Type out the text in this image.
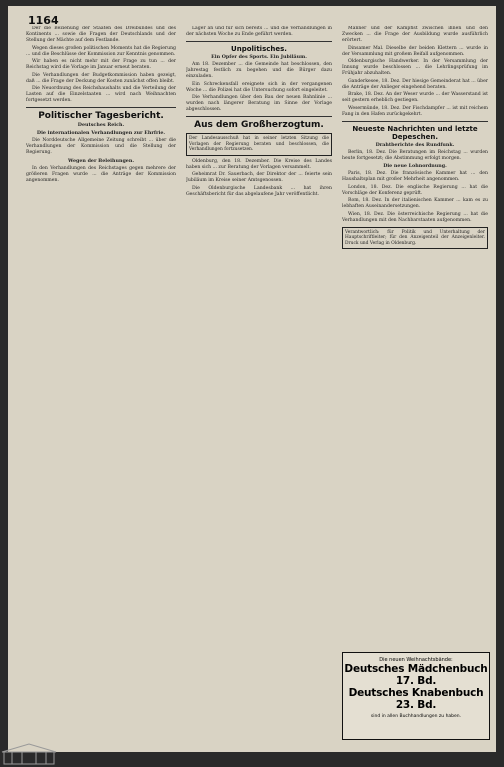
1164

Der die Beziehung der Staaten des Dreibundes und des Kontinents ... sowie die Fragen der Deutschlands und der Stellung der Mächte auf dem Festlande.

Wegen dieses großen politischen Moments hat die Regierung ... und die Beschlüsse der Kommission zur Kenntnis genommen.

Wir haben es nicht mehr mit der Frage zu tun ... der Reichstag wird die Vorlage im Januar erneut beraten.

Die Verhandlungen der Budgetkommission haben gezeigt, daß ... die Frage der Deckung der Kosten zunächst offen bleibt.

Die Neuordnung des Reichshaushalts und die Verteilung der Lasten auf die Einzelstaaten ... wird nach Weihnachten fortgesetzt werden.

Politischer Tagesbericht.
Deutsches Reich.
Die internationalen Verhandlungen zur Ehrfrie.

Die Norddeutsche Allgemeine Zeitung schreibt ... über die Verhandlungen der Kommission und die Stellung der Regierung.

Wegen der Beleihungen.

In den Verhandlungen des Reichstages gegen mehrere der größeren Fragen wurde ... die Anträge der Kommission angenommen.

Lager an und für sich bereits ... und die Verhandlungen in der nächsten Woche zu Ende geführt werden.

Unpolitisches.
Ein Opfer des Sports. Ein Jubiläum.

Am 18. Dezember ... die Gemeinde hat beschlossen, den Jahrestag festlich zu begehen und die Bürger dazu einzuladen.

Ein Schreckensfall ereignete sich in der vergangenen Woche ... die Polizei hat die Untersuchung sofort eingeleitet.

Die Verhandlungen über den Bau der neuen Bahnlinie ... wurden nach längerer Beratung im Sinne der Vorlage abgeschlossen.

Aus dem Großherzogtum.
Der Landesausschuß hat in seiner letzten Sitzung die Vorlagen der Regierung beraten und beschlossen, die Verhandlungen fortzusetzen.

Oldenburg, den 18. Dezember. Die Kreise des Landes haben sich ... zur Beratung der Vorlagen versammelt.

Geheimrat Dr. Sauerbach, der Direktor der ... feierte sein Jubiläum im Kreise seiner Amtsgenossen.

Die Oldenburgische Landesbank ... hat ihren Geschäftsbericht für das abgelaufene Jahr veröffentlicht.

Männer und der Kampfist zwischen ihnen und den Zwecken ... die Frage der Ausbildung wurde ausführlich erörtert.

Dinsamer Mal. Dieselbe der beiden Klettern ... wurde in der Versammlung mit großem Beifall aufgenommen.

Oldenburgische Handwerker. In der Versammlung der Innung wurde beschlossen ... die Lehrlingsprüfung im Frühjahr abzuhalten.

Ganderkesee, 18. Dez. Der hiesige Gemeinderat hat ... über die Anträge der Anlieger eingehend beraten.

Brake, 18. Dez. An der Weser wurde ... der Wasserstand ist seit gestern erheblich gestiegen.

Wesermünde, 18. Dez. Der Fischdampfer ... ist mit reichem Fang in den Hafen zurückgekehrt.

Neueste Nachrichten und letzte Depeschen.
Drahtberichte des Rundfunk.

Berlin, 18. Dez. Die Beratungen im Reichstag ... wurden heute fortgesetzt; die Abstimmung erfolgt morgen.

Die neue Lohnordnung.

Paris, 18. Dez. Die französische Kammer hat ... den Haushaltsplan mit großer Mehrheit angenommen.

London, 18. Dez. Die englische Regierung ... hat die Vorschläge der Konferenz geprüft.

Rom, 18. Dez. In der italienischen Kammer ... kam es zu lebhaften Auseinandersetzungen.

Wien, 18. Dez. Die österreichische Regierung ... hat die Verhandlungen mit den Nachbarstaaten aufgenommen.

Verantwortlich: für Politik und Unterhaltung der Hauptschriftleiter; für den Anzeigenteil der Anzeigenleiter. Druck und Verlag in Oldenburg.
Die neuen Weihnachtsbände:
Deutsches Mädchenbuch 17. Bd.
Deutsches Knabenbuch 23. Bd.
sind in allen Buchhandlungen zu haben.
